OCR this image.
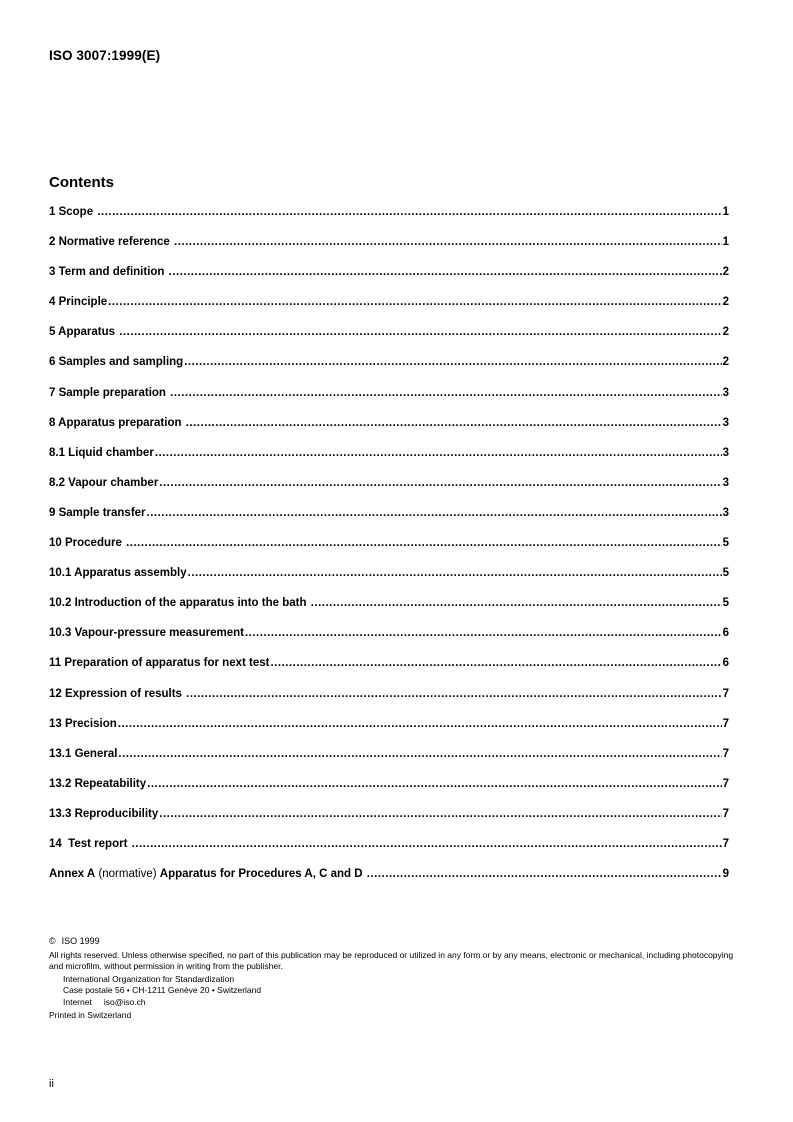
ISO 3007:1999(E)
Contents
1 Scope .....	1
2 Normative reference .....	1
3 Term and definition .....	2
4 Principle .....	2
5 Apparatus .....	2
6 Samples and sampling .....	2
7 Sample preparation .....	3
8 Apparatus preparation .....	3
8.1 Liquid chamber .....	3
8.2 Vapour chamber .....	3
9 Sample transfer .....	3
10 Procedure .....	5
10.1 Apparatus assembly .....	5
10.2 Introduction of the apparatus into the bath .....	5
10.3 Vapour-pressure measurement .....	6
11 Preparation of apparatus for next test .....	6
12 Expression of results .....	7
13 Precision .....	7
13.1 General .....	7
13.2 Repeatability .....	7
13.3 Reproducibility .....	7
14  Test report .....	7
Annex A (normative) Apparatus for Procedures A, C and D .....	9
© ISO 1999
All rights reserved. Unless otherwise specified, no part of this publication may be reproduced or utilized in any form or by any means, electronic or mechanical, including photocopying and microfilm, without permission in writing from the publisher.
International Organization for Standardization
Case postale 56 • CH-1211 Genève 20 • Switzerland
Internet iso@iso.ch
Printed in Switzerland
ii
